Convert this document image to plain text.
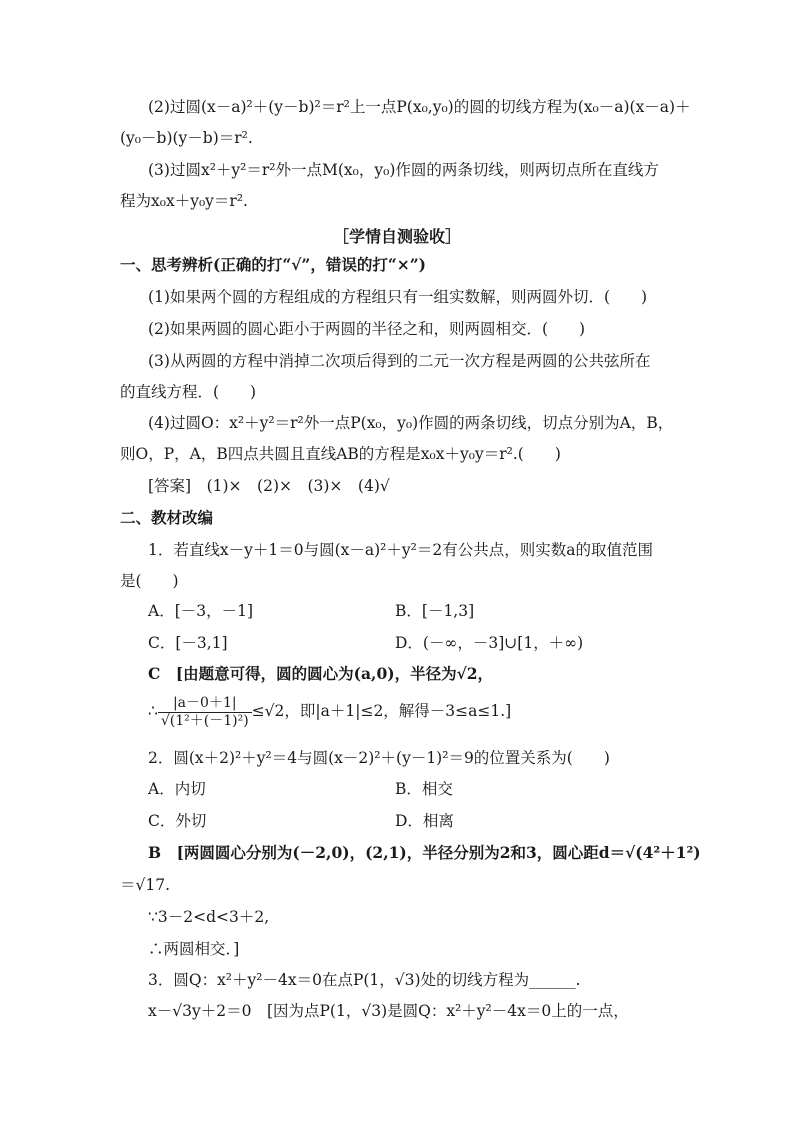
(2)过圆(x－a)²＋(y－b)²＝r²上一点P(x₀,y₀)的圆的切线方程为(x₀－a)(x－a)＋
(y₀－b)(y－b)＝r².
(3)过圆x²＋y²＝r²外一点M(x₀，y₀)作圆的两条切线，则两切点所在直线方
程为x₀x＋y₀y＝r².
［学情自测验收］
一、思考辨析(正确的打“√”，错误的打“×”)
(1)如果两个圆的方程组成的方程组只有一组实数解，则两圆外切．(　　)
(2)如果两圆的圆心距小于两圆的半径之和，则两圆相交．(　　)
(3)从两圆的方程中消掉二次项后得到的二元一次方程是两圆的公共弦所在
的直线方程．(　　)
(4)过圆O：x²＋y²＝r²外一点P(x₀，y₀)作圆的两条切线，切点分别为A，B，
则O，P，A，B四点共圆且直线AB的方程是x₀x＋y₀y＝r².(　　)
[答案]　(1)×　(2)×　(3)×　(4)√
二、教材改编
1．若直线x－y＋1＝0与圆(x－a)²＋y²＝2有公共点，则实数a的取值范围
是(　　)
A．[－3，－1]	B．[－1,3]
C．[－3,1]	D．(－∞，－3]∪[1，＋∞)
C　[由题意可得，圆的圆心为(a,0)，半径为√2，
∴ $\frac{|a-0+1|}{\text{√(1²＋(－1)²)}} \le√2$，即|a＋1|≤2，解得－3≤a≤1.]
2．圆(x＋2)²＋y²＝4与圆(x－2)²＋(y－1)²＝9的位置关系为(　　)
A．内切	B．相交
C．外切	D．相离
B　[两圆圆心分别为(－2,0)，(2,1)，半径分别为2和3，圆心距d＝√(4²＋1²)
＝√17.
∵3－2<d<3＋2,
∴两圆相交．]
3．圆Q：x²＋y²－4x＝0在点P(1，√3)处的切线方程为______.
x－√3y＋2＝0　[因为点P(1，√3)是圆Q：x²＋y²－4x＝0上的一点，
